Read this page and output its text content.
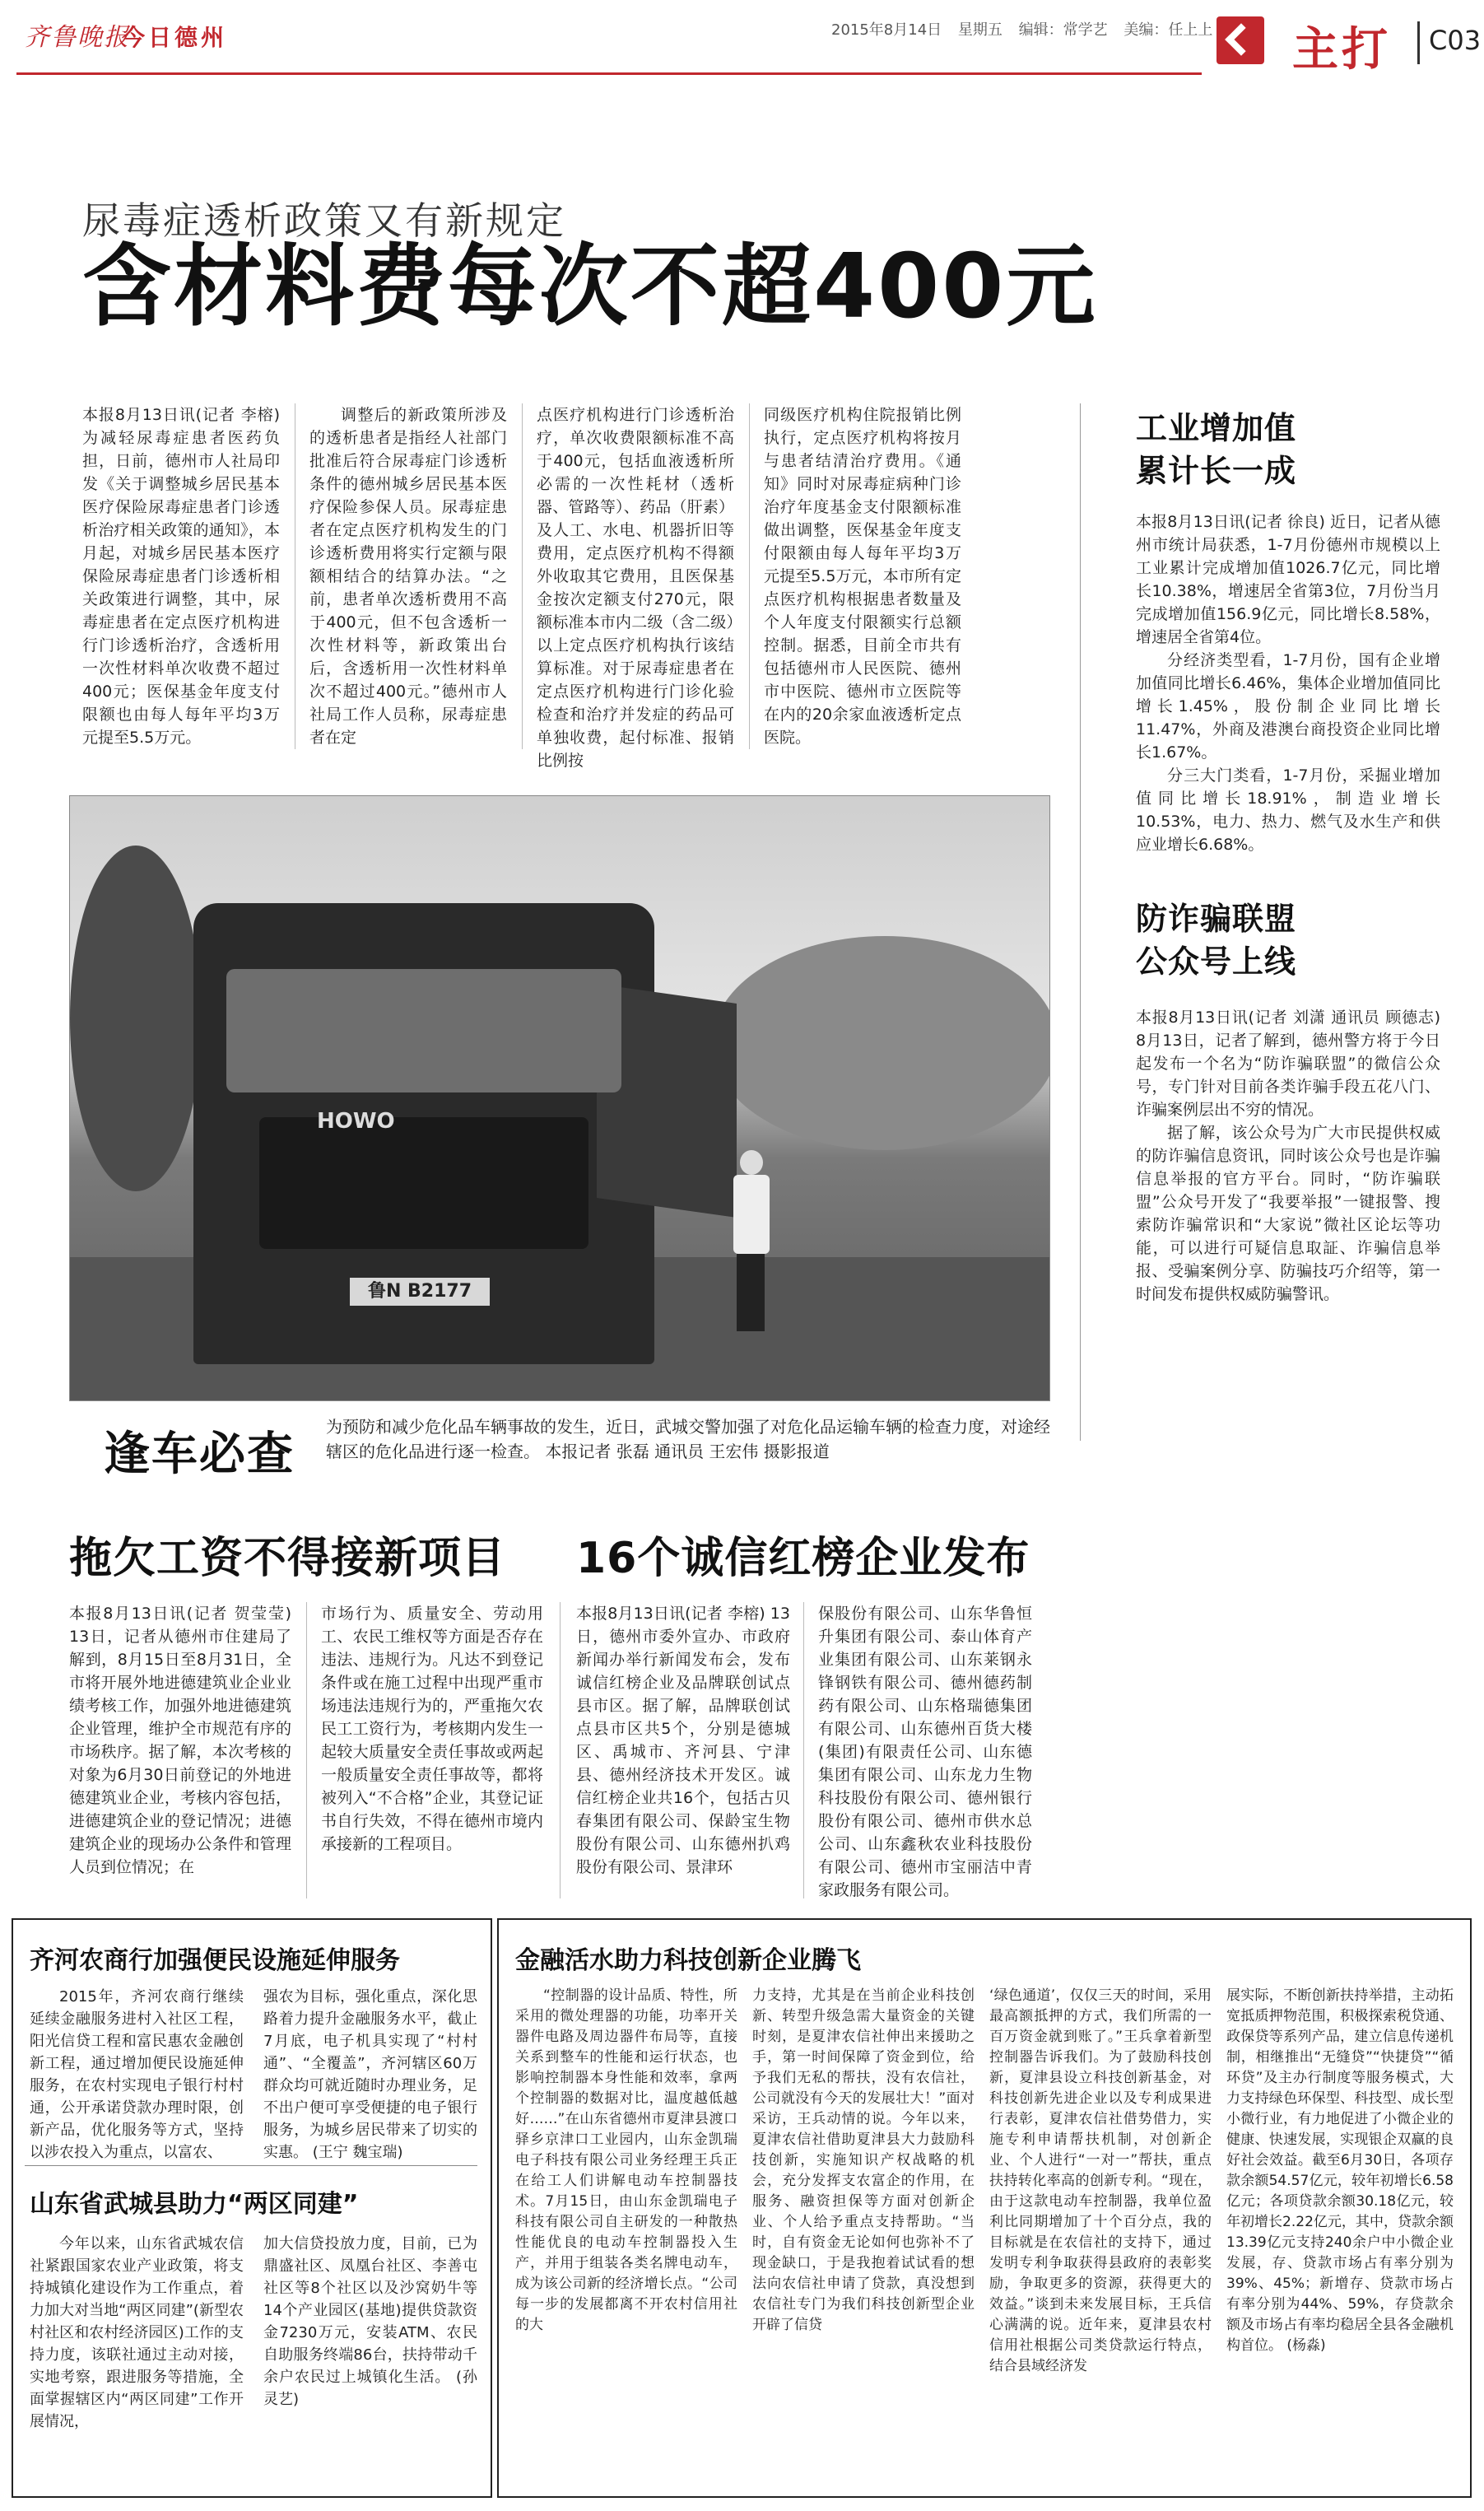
齐鲁晚报
今日德州	2015年8月14日 星期五 编辑：常学艺 美编：任上上 主打 C03
尿毒症透析政策又有新规定
含材料费每次不超400元

本报8月13日讯(记者 李榕) 为减轻尿毒症患者医药负担，日前，德州市人社局印发《关于调整城乡居民基本医疗保险尿毒症患者门诊透析治疗相关政策的通知》，本月起，对城乡居民基本医疗保险尿毒症患者门诊透析相关政策进行调整，其中，尿毒症患者在定点医疗机构进行门诊透析治疗，含透析用一次性材料单次收费不超过400元；医保基金年度支付限额也由每人每年平均3万元提至5.5万元。

调整后的新政策所涉及的透析患者是指经人社部门批准后符合尿毒症门诊透析条件的德州城乡居民基本医疗保险参保人员。尿毒症患者在定点医疗机构发生的门诊透析费用将实行定额与限额相结合的结算办法。“之前，患者单次透析费用不高于400元，但不包含透析一次性材料等，新政策出台后，含透析用一次性材料单次不超过400元。”德州市人社局工作人员称，尿毒症患者在定

点医疗机构进行门诊透析治疗，单次收费限额标准不高于400元，包括血液透析所必需的一次性耗材（透析器、管路等）、药品（肝素）及人工、水电、机器折旧等费用，定点医疗机构不得额外收取其它费用，且医保基金按次定额支付270元，限额标准本市内二级（含二级）以上定点医疗机构执行该结算标准。对于尿毒症患者在定点医疗机构进行门诊化验检查和治疗并发症的药品可单独收费，起付标准、报销比例按

同级医疗机构住院报销比例执行，定点医疗机构将按月与患者结清治疗费用。《通知》同时对尿毒症病种门诊治疗年度基金支付限额标准做出调整，医保基金年度支付限额由每人每年平均3万元提至5.5万元，本市所有定点医疗机构根据患者数量及个人年度支付限额实行总额控制。据悉，目前全市共有包括德州市人民医院、德州市中医院、德州市立医院等在内的20余家血液透析定点医院。

工业增加值
累计长一成

本报8月13日讯(记者 徐良) 近日，记者从德州市统计局获悉，1-7月份德州市规模以上工业累计完成增加值1026.7亿元，同比增长10.38%，增速居全省第3位，7月份当月完成增加值156.9亿元，同比增长8.58%，增速居全省第4位。

分经济类型看，1-7月份，国有企业增加值同比增长6.46%，集体企业增加值同比增长1.45%，股份制企业同比增长11.47%，外商及港澳台商投资企业同比增长1.67%。

分三大门类看，1-7月份，采掘业增加值同比增长18.91%，制造业增长10.53%，电力、热力、燃气及水生产和供应业增长6.68%。

防诈骗联盟
公众号上线

本报8月13日讯(记者 刘潇 通讯员 顾德志) 8月13日，记者了解到，德州警方将于今日起发布一个名为“防诈骗联盟”的微信公众号，专门针对目前各类诈骗手段五花八门、诈骗案例层出不穷的情况。

据了解，该公众号为广大市民提供权威的防诈骗信息资讯，同时该公众号也是诈骗信息举报的官方平台。同时，“防诈骗联盟”公众号开发了“我要举报”一键报警、搜索防诈骗常识和“大家说”微社区论坛等功能，可以进行可疑信息取証、诈骗信息举报、受骗案例分享、防骗技巧介绍等，第一时间发布提供权威防骗警讯。

HOWO
鲁N B2177
逢车必查
为预防和减少危化品车辆事故的发生，近日，武城交警加强了对危化品运输车辆的检查力度，对途经辖区的危化品进行逐一检查。 本报记者 张磊 通讯员 王宏伟 摄影报道
拖欠工资不得接新项目 16个诚信红榜企业发布

本报8月13日讯(记者 贺莹莹) 13日，记者从德州市住建局了解到，8月15日至8月31日，全市将开展外地进德建筑业企业业绩考核工作，加强外地进德建筑企业管理，维护全市规范有序的市场秩序。据了解，本次考核的对象为6月30日前登记的外地进德建筑业企业，考核内容包括，进德建筑企业的登记情况；进德建筑企业的现场办公条件和管理人员到位情况；在

市场行为、质量安全、劳动用工、农民工维权等方面是否存在违法、违规行为。凡达不到登记条件或在施工过程中出现严重市场违法违规行为的，严重拖欠农民工工资行为，考核期内发生一起较大质量安全责任事故或两起一般质量安全责任事故等，都将被列入“不合格”企业，其登记证书自行失效，不得在德州市境内承接新的工程项目。

本报8月13日讯(记者 李榕) 13日，德州市委外宣办、市政府新闻办举行新闻发布会，发布诚信红榜企业及品牌联创试点县市区。据了解，品牌联创试点县市区共5个，分别是德城区、禹城市、齐河县、宁津县、德州经济技术开发区。诚信红榜企业共16个，包括古贝春集团有限公司、保龄宝生物股份有限公司、山东德州扒鸡股份有限公司、景津环

保股份有限公司、山东华鲁恒升集团有限公司、泰山体育产业集团有限公司、山东莱钢永锋钢铁有限公司、德州德药制药有限公司、山东格瑞德集团有限公司、山东德州百货大楼(集团)有限责任公司、山东德集团有限公司、山东龙力生物科技股份有限公司、德州银行股份有限公司、德州市供水总公司、山东鑫秋农业科技股份有限公司、德州市宝丽洁中青家政服务有限公司。

齐河农商行加强便民设施延伸服务

2015年，齐河农商行继续延续金融服务进村入社区工程，阳光信贷工程和富民惠农金融创新工程，通过增加便民设施延伸服务，在农村实现电子银行村村通，公开承诺贷款办理时限，创新产品，优化服务等方式，坚持以涉农投入为重点，以富农、

强农为目标，强化重点，深化思路着力提升金融服务水平，截止7月底，电子机具实现了“村村通”、“全覆盖”，齐河辖区60万群众均可就近随时办理业务，足不出户便可享受便捷的电子银行服务，为城乡居民带来了切实的实惠。 (王宁 魏宝瑞)

山东省武城县助力“两区同建”

今年以来，山东省武城农信社紧跟国家农业产业政策，将支持城镇化建设作为工作重点，着力加大对当地“两区同建”(新型农村社区和农村经济园区)工作的支持力度，该联社通过主动对接，实地考察，跟进服务等措施，全面掌握辖区内“两区同建”工作开展情况，

加大信贷投放力度，目前，已为鼎盛社区、凤凰台社区、李善屯社区等8个社区以及沙窝奶牛等14个产业园区(基地)提供贷款资金7230万元，安装ATM、农民自助服务终端86台，扶持带动千余户农民过上城镇化生活。 (孙灵艺)

金融活水助力科技创新企业腾飞

“控制器的设计品质、特性，所采用的微处理器的功能，功率开关器件电路及周边器件布局等，直接关系到整车的性能和运行状态，也影响控制器本身性能和效率，拿两个控制器的数据对比，温度越低越好……”在山东省德州市夏津县渡口驿乡京津口工业园内，山东金凯瑞电子科技有限公司业务经理王兵正在给工人们讲解电动车控制器技术。7月15日，由山东金凯瑞电子科技有限公司自主研发的一种散热性能优良的电动车控制器投入生产，并用于组装各类名牌电动车，成为该公司新的经济增长点。“公司每一步的发展都离不开农村信用社的大

力支持，尤其是在当前企业科技创新、转型升级急需大量资金的关键时刻，是夏津农信社伸出来援助之手，第一时间保障了资金到位，给予我们无私的帮扶，没有农信社，公司就没有今天的发展壮大！”面对采访，王兵动情的说。今年以来，夏津农信社借助夏津县大力鼓励科技创新，实施知识产权战略的机会，充分发挥支农富企的作用，在服务、融资担保等方面对创新企业、个人给予重点支持帮助。“当时，自有资金无论如何也弥补不了现金缺口，于是我抱着试试看的想法向农信社申请了贷款，真没想到农信社专门为我们科技创新型企业开辟了信贷

‘绿色通道’，仅仅三天的时间，采用最高额抵押的方式，我们所需的一百万资金就到账了。”王兵拿着新型控制器告诉我们。为了鼓励科技创新，夏津县设立科技创新基金，对科技创新先进企业以及专利成果进行表彰，夏津农信社借势借力，实施专利申请帮扶机制，对创新企业、个人进行“一对一”帮扶，重点扶持转化率高的创新专利。“现在，由于这款电动车控制器，我单位盈利比同期增加了十个百分点，我的目标就是在农信社的支持下，通过发明专利争取获得县政府的表彰奖励，争取更多的资源，获得更大的效益。”谈到未来发展目标，王兵信心满满的说。近年来，夏津县农村信用社根据公司类贷款运行特点，结合县域经济发

展实际，不断创新扶持举措，主动拓宽抵质押物范围，积极探索税贷通、政保贷等系列产品，建立信息传递机制，相继推出“无缝贷”“快捷贷”“循环贷”及主办行制度等服务模式，大力支持绿色环保型、科技型、成长型小微行业，有力地促进了小微企业的健康、快速发展，实现银企双赢的良好社会效益。截至6月30日，各项存款余额54.57亿元，较年初增长6.58亿元；各项贷款余额30.18亿元，较年初增长2.22亿元，其中，贷款余额13.39亿元支持240余户中小微企业发展，存、贷款市场占有率分别为39%、45%；新增存、贷款市场占有率分别为44%、59%，存贷款余额及市场占有率均稳居全县各金融机构首位。 (杨淼)
